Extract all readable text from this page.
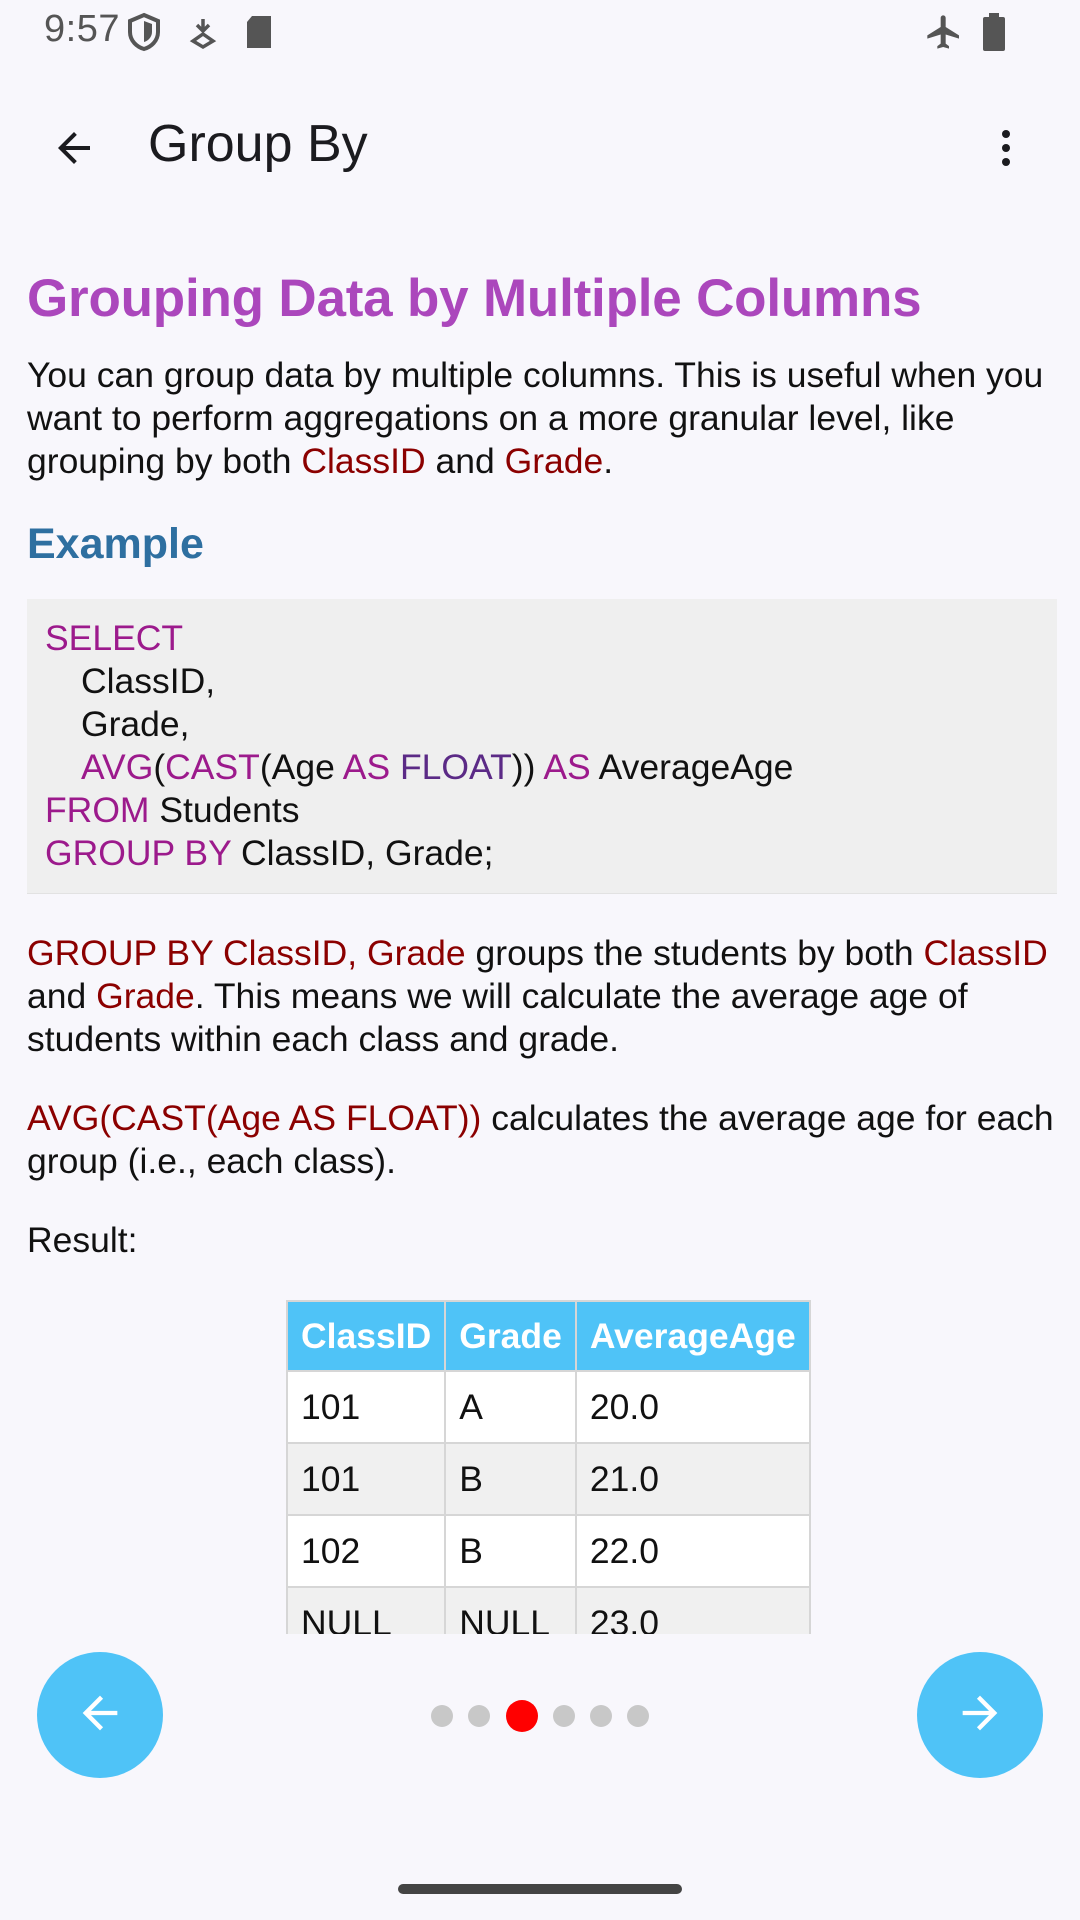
9:57
Group By
Grouping Data by Multiple Columns

You can group data by multiple columns. This is useful when you want to perform aggregations on a more granular level, like grouping by both ClassID and Grade.

Example
SELECT
ClassID,
Grade,
AVG(CAST(Age AS FLOAT)) AS AverageAge
FROM Students
GROUP BY ClassID, Grade;

GROUP BY ClassID, Grade groups the students by both ClassID and Grade. This means we will calculate the average age of students within each class and grade.

AVG(CAST(Age AS FLOAT)) calculates the average age for each group (i.e., each class).

Result:

ClassID	Grade	AverageAge
101	A	20.0
101	B	21.0
102	B	22.0
NULL	NULL	23.0
